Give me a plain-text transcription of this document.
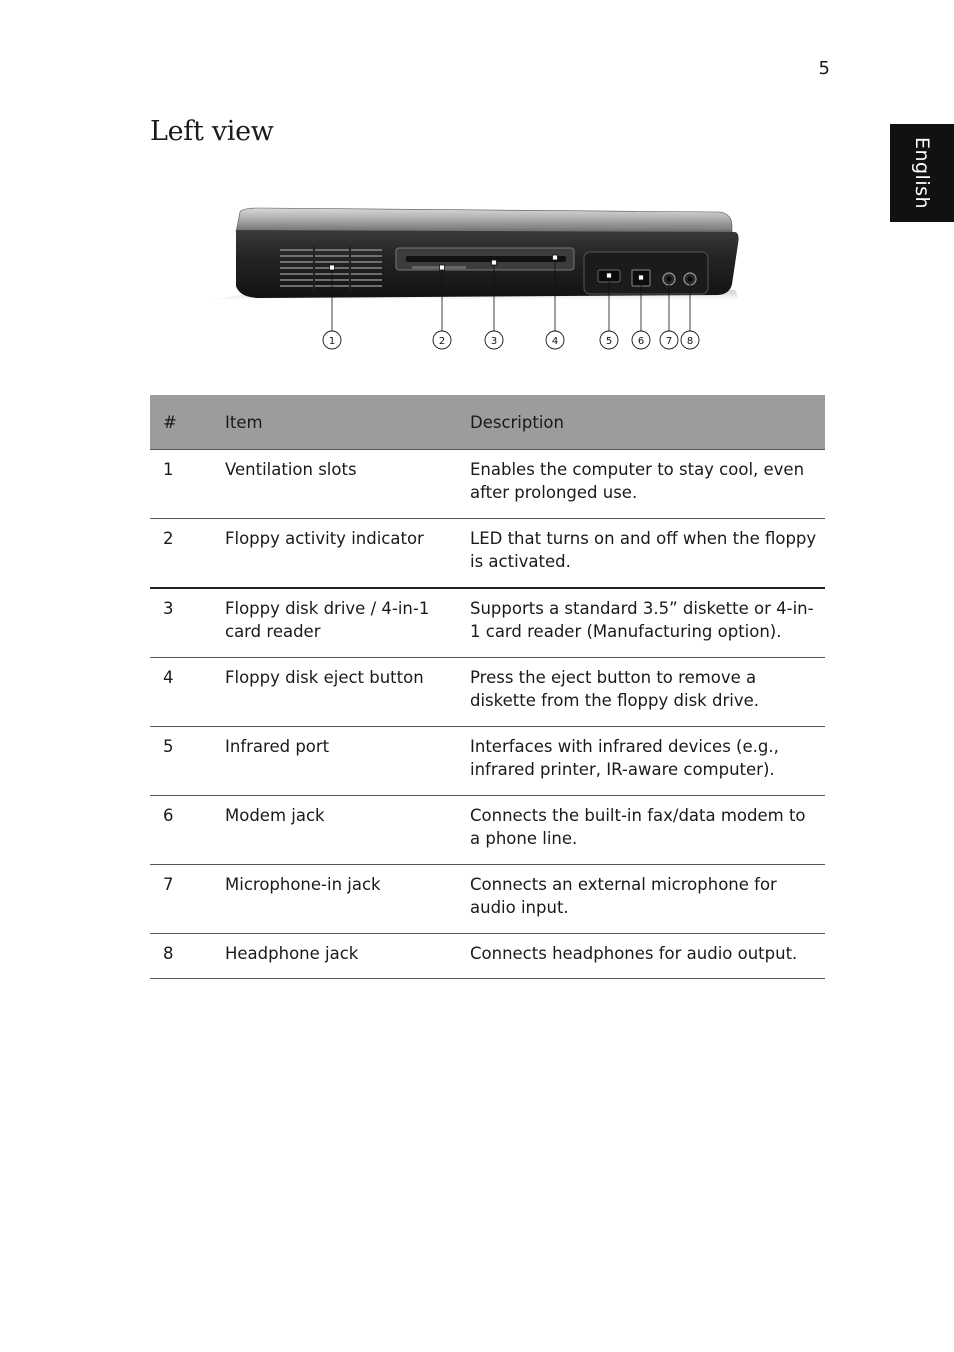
5
English
Left view
1	2	3	4	5	6 7 8
#	Item	Description
1	Ventilation slots	Enables the computer to stay cool, even after prolonged use.
2	Floppy activity indicator	LED that turns on and off when the floppy is activated.
3	Floppy disk drive / 4-in-1 card reader	Supports a standard 3.5” diskette or 4-in-1 card reader (Manufacturing option).
4	Floppy disk eject button	Press the eject button to remove a diskette from the floppy disk drive.
5	Infrared port	Interfaces with infrared devices (e.g., infrared printer, IR-aware computer).
6	Modem jack	Connects the built-in fax/data modem to a phone line.
7	Microphone-in jack	Connects an external microphone for audio input.
8	Headphone jack	Connects headphones for audio output.
